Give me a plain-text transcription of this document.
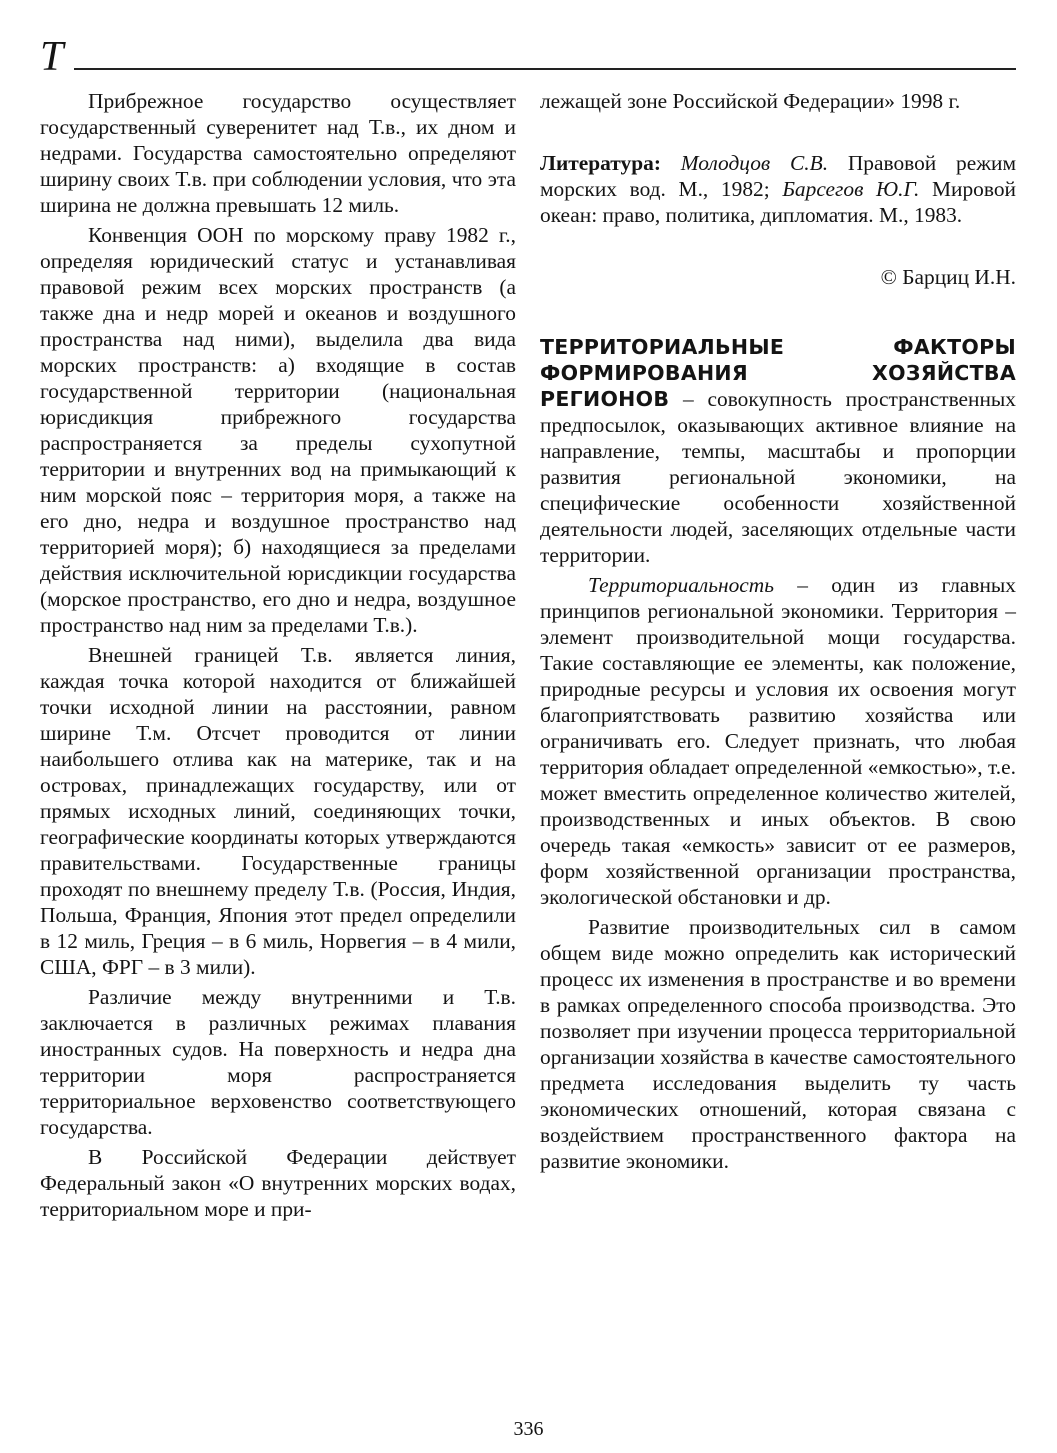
Т

Прибрежное государство осуществляет государственный суверенитет над Т.в., их дном и недрами. Государства самостоятельно определяют ширину своих Т.в. при соблюдении условия, что эта ширина не должна превышать 12 миль.

Конвенция ООН по морскому праву 1982 г., определяя юридический статус и устанавливая правовой режим всех морских пространств (а также дна и недр морей и океанов и воздушного пространства над ними), выделила два вида морских пространств: а) входящие в состав государственной территории (национальная юрисдикция прибрежного государства распространяется за пределы сухопутной территории и внутренних вод на примыкающий к ним морской пояс – территория моря, а также на его дно, недра и воздушное пространство над территорией моря); б) находящиеся за пределами действия исключительной юрисдикции государства (морское пространство, его дно и недра, воздушное пространство над ним за пределами Т.в.).

Внешней границей Т.в. является линия, каждая точка которой находится от ближайшей точки исходной линии на расстоянии, равном ширине Т.м. Отсчет проводится от линии наибольшего отлива как на материке, так и на островах, принадлежащих государству, или от прямых исходных линий, соединяющих точки, географические координаты которых утверждаются правительствами. Государственные границы проходят по внешнему пределу Т.в. (Россия, Индия, Польша, Франция, Япония этот предел определили в 12 миль, Греция – в 6 миль, Норвегия – в 4 мили, США, ФРГ – в 3 мили).

Различие между внутренними и Т.в. заключается в различных режимах плавания иностранных судов. На поверхность и недра дна территории моря распространяется территориальное верховенство соответствующего государства.

В Российской Федерации действует Федеральный закон «О внутренних морских водах, территориальном море и при-

лежащей зоне Российской Федерации» 1998 г.

Литература: Молодцов С.В. Правовой режим морских вод. М., 1982; Барсегов Ю.Г. Мировой океан: право, политика, дипломатия. М., 1983.

© Барциц И.Н.

ТЕРРИТОРИАЛЬНЫЕ ФАКТОРЫ ФОРМИРОВАНИЯ ХОЗЯЙСТВА РЕГИОНОВ – совокупность пространственных предпосылок, оказывающих активное влияние на направление, темпы, масштабы и пропорции развития региональной экономики, на специфические особенности хозяйственной деятельности людей, заселяющих отдельные части территории.

Территориальность – один из главных принципов региональной экономики. Территория – элемент производительной мощи государства. Такие составляющие ее элементы, как положение, природные ресурсы и условия их освоения могут благоприятствовать развитию хозяйства или ограничивать его. Следует признать, что любая территория обладает определенной «емкостью», т.е. может вместить определенное количество жителей, производственных и иных объектов. В свою очередь такая «емкость» зависит от ее размеров, форм хозяйственной организации пространства, экологической обстановки и др.

Развитие производительных сил в самом общем виде можно определить как исторический процесс их изменения в пространстве и во времени в рамках определенного способа производства. Это позволяет при изучении процесса территориальной организации хозяйства в качестве самостоятельного предмета исследования выделить ту часть экономических отношений, которая связана с воздействием пространственного фактора на развитие экономики.

336
